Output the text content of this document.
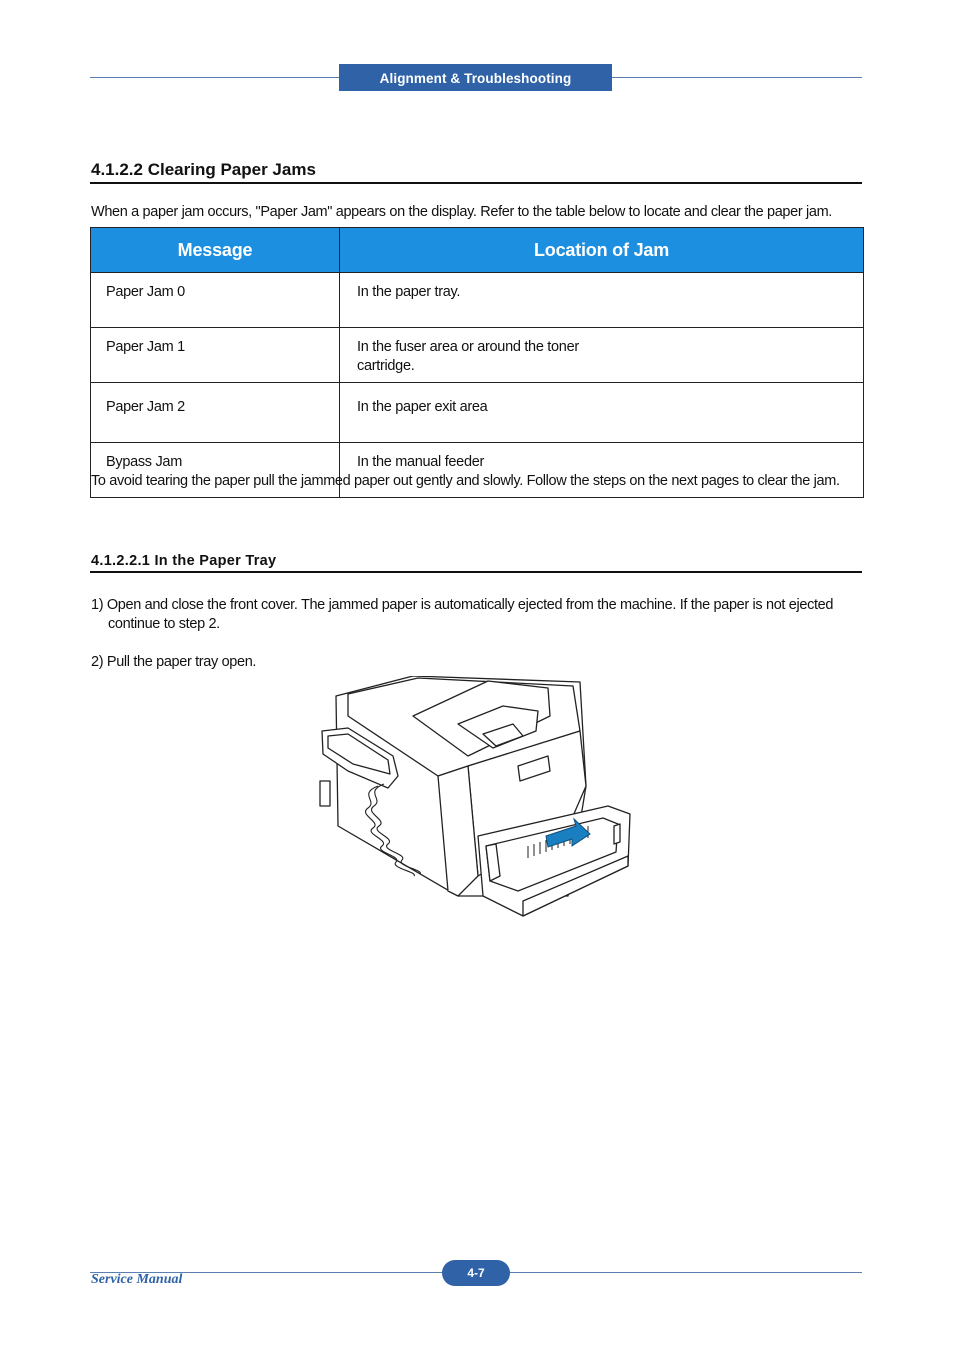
Alignment & Troubleshooting
4.1.2.2 Clearing Paper Jams
When a paper jam occurs, "Paper Jam" appears on the display. Refer to the table below to locate and clear the paper jam.
Message	Location of Jam
Paper Jam 0	In the paper tray.
Paper Jam 1	In the fuser area or around the toner
cartridge.
Paper Jam 2	In the paper exit area
Bypass Jam	In the manual feeder
To avoid tearing the paper pull the jammed paper out gently and slowly. Follow the steps on the next pages to clear the jam.
4.1.2.2.1 In the Paper Tray
1) Open and close the front cover. The jammed paper is automatically ejected from the machine. If the paper is not ejected
continue to step 2.
2) Pull the paper tray open.
Service Manual	4-7
